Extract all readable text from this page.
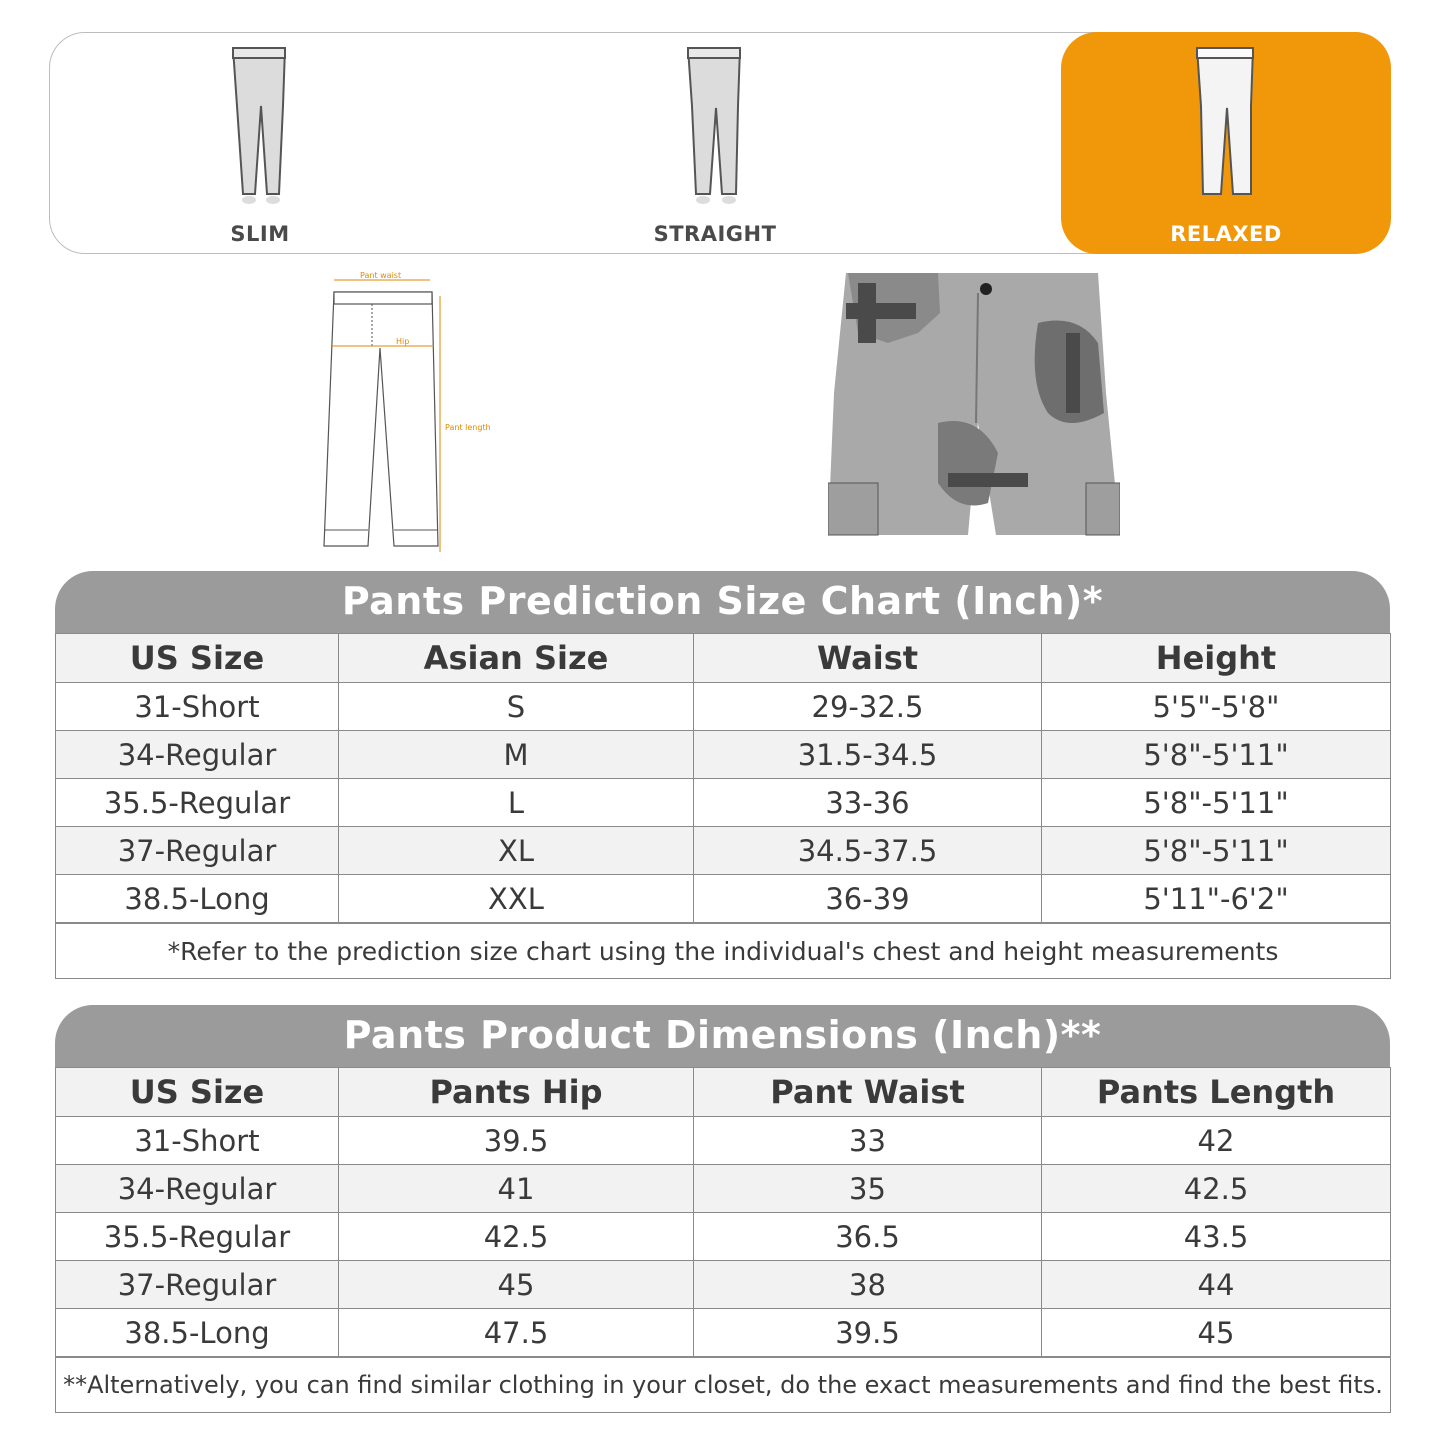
SLIM	STRAIGHT	RELAXED
Pant waist
Hip
Pant length
Pants Prediction Size Chart (Inch)*
US Size	Asian Size	Waist	Height
31-Short	S	29-32.5	5'5"-5'8"
34-Regular	M	31.5-34.5	5'8"-5'11"
35.5-Regular	L	33-36	5'8"-5'11"
37-Regular	XL	34.5-37.5	5'8"-5'11"
38.5-Long	XXL	36-39	5'11"-6'2"
*Refer to the prediction size chart using the individual's chest and height measurements			
Pants Product Dimensions (Inch)**
US Size	Pants Hip	Pant Waist	Pants Length
31-Short	39.5	33	42
34-Regular	41	35	42.5
35.5-Regular	42.5	36.5	43.5
37-Regular	45	38	44
38.5-Long	47.5	39.5	45
**Alternatively, you can find similar clothing in your closet, do the exact measurements and find the best fits.			
